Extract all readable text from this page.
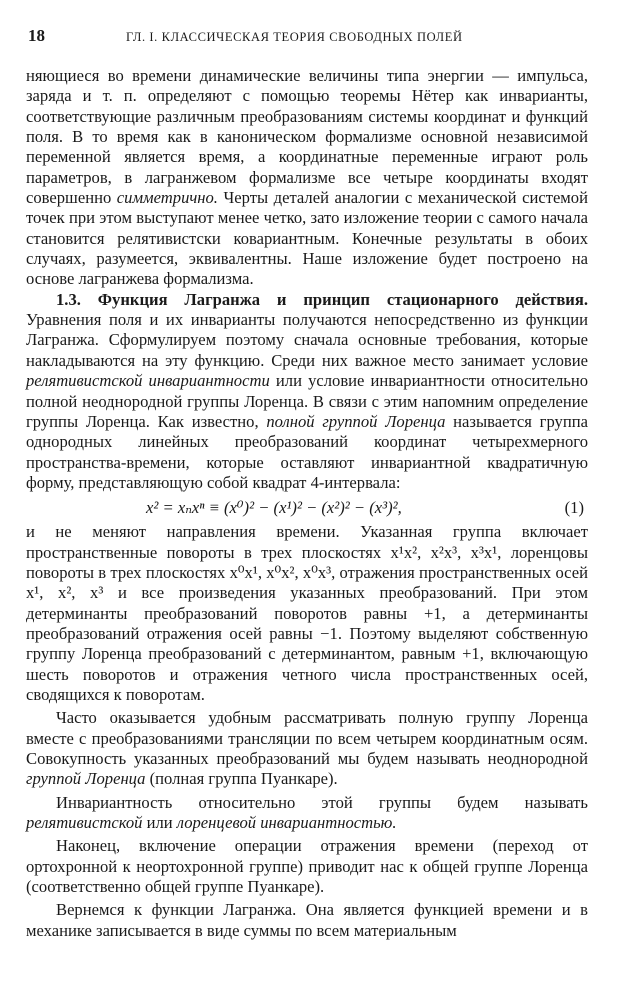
18	ГЛ. I. КЛАССИЧЕСКАЯ ТЕОРИЯ СВОБОДНЫХ ПОЛЕЙ

няющиеся во времени динамические величины типа энергии — импульса, заряда и т. п. определяют с помощью теоремы Нётер как инварианты, соответствующие различным преобразованиям системы координат и функций поля. В то время как в каноническом формализме основной независимой переменной является время, а координатные переменные играют роль параметров, в лагранжевом формализме все четыре координаты входят совершенно симметрично. Черты деталей аналогии с механической системой точек при этом выступают менее четко, зато изложение теории с самого начала становится релятивистски ковариантным. Конечные результаты в обоих случаях, разумеется, эквивалентны. Наше изложение будет построено на основе лагранжева формализма.

1.3. Функция Лагранжа и принцип стационарного действия. Уравнения поля и их инварианты получаются непосредственно из функции Лагранжа. Сформулируем поэтому сначала основные требования, которые накладываются на эту функцию. Среди них важное место занимает условие релятивистской инвариантности или условие инвариантности относительно полной неоднородной группы Лоренца. В связи с этим напомним определение группы Лоренца. Как известно, полной группой Лоренца называется группа однородных линейных преобразований координат четырехмерного пространства-времени, которые оставляют инвариантной квадратичную форму, представляющую собой квадрат 4-интервала:

x² = xₙxⁿ ≡ (x⁰)² − (x¹)² − (x²)² − (x³)²,	(1)

и не меняют направления времени. Указанная группа включает пространственные повороты в трех плоскостях x¹x², x²x³, x³x¹, лоренцовы повороты в трех плоскостях x⁰x¹, x⁰x², x⁰x³, отражения пространственных осей x¹, x², x³ и все произведения указанных преобразований. При этом детерминанты преобразований поворотов равны +1, а детерминанты преобразований отражения осей равны −1. Поэтому выделяют собственную группу Лоренца преобразований с детерминантом, равным +1, включающую шесть поворотов и отражения четного числа пространственных осей, сводящихся к поворотам.

Часто оказывается удобным рассматривать полную группу Лоренца вместе с преобразованиями трансляции по всем четырем координатным осям. Совокупность указанных преобразований мы будем называть неоднородной группой Лоренца (полная группа Пуанкаре).

Инвариантность относительно этой группы будем называть релятивистской или лоренцевой инвариантностью.

Наконец, включение операции отражения времени (переход от ортохронной к неортохронной группе) приводит нас к общей группе Лоренца (соответственно общей группе Пуанкаре).

Вернемся к функции Лагранжа. Она является функцией времени и в механике записывается в виде суммы по всем материальным
